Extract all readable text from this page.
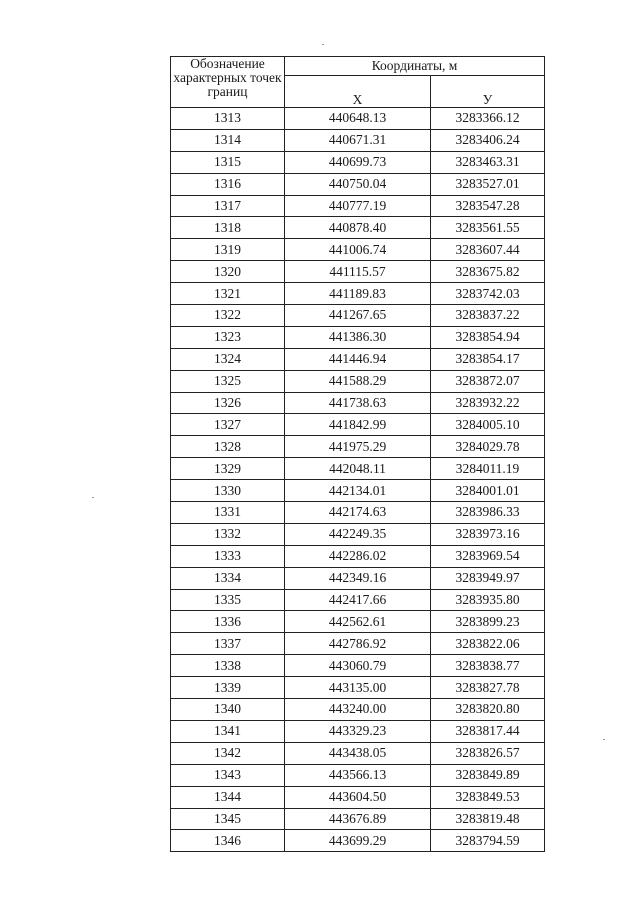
Обозначение характерных точек границ	Координаты, м	
	X	У
1313	440648.13	3283366.12
1314	440671.31	3283406.24
1315	440699.73	3283463.31
1316	440750.04	3283527.01
1317	440777.19	3283547.28
1318	440878.40	3283561.55
1319	441006.74	3283607.44
1320	441115.57	3283675.82
1321	441189.83	3283742.03
1322	441267.65	3283837.22
1323	441386.30	3283854.94
1324	441446.94	3283854.17
1325	441588.29	3283872.07
1326	441738.63	3283932.22
1327	441842.99	3284005.10
1328	441975.29	3284029.78
1329	442048.11	3284011.19
1330	442134.01	3284001.01
1331	442174.63	3283986.33
1332	442249.35	3283973.16
1333	442286.02	3283969.54
1334	442349.16	3283949.97
1335	442417.66	3283935.80
1336	442562.61	3283899.23
1337	442786.92	3283822.06
1338	443060.79	3283838.77
1339	443135.00	3283827.78
1340	443240.00	3283820.80
1341	443329.23	3283817.44
1342	443438.05	3283826.57
1343	443566.13	3283849.89
1344	443604.50	3283849.53
1345	443676.89	3283819.48
1346	443699.29	3283794.59
